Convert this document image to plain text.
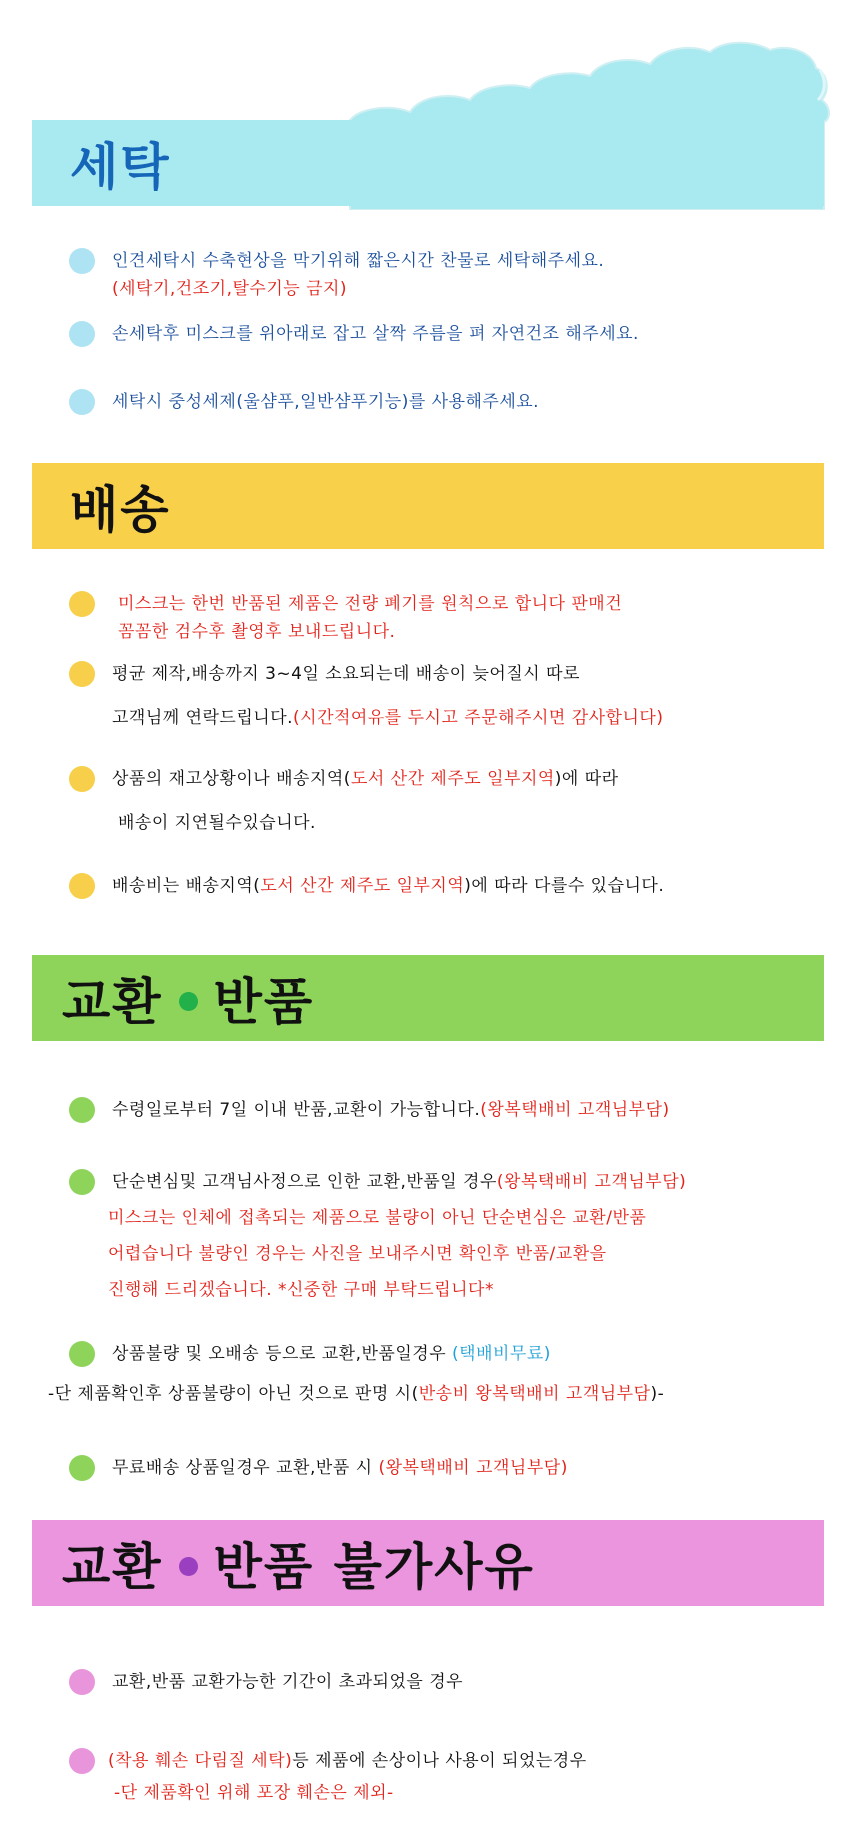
세탁
인견세탁시 수축현상을 막기위해 짧은시간 찬물로 세탁해주세요.
(세탁기,건조기,탈수기능 금지)
손세탁후 미스크를 위아래로 잡고 살짝 주름을 펴 자연건조 해주세요.
세탁시 중성세제(울샴푸,일반샴푸기능)를 사용해주세요.
배송
미스크는 한번 반품된 제품은 전량 폐기를 원칙으로 합니다 판매건
꼼꼼한 검수후 촬영후 보내드립니다.
평균 제작,배송까지 3~4일 소요되는데 배송이 늦어질시 따로
고객님께 연락드립니다.(시간적여유를 두시고 주문해주시면 감사합니다)
상품의 재고상황이나 배송지역(도서 산간 제주도 일부지역)에 따라
배송이 지연될수있습니다.
배송비는 배송지역(도서 산간 제주도 일부지역)에 따라 다를수 있습니다.
교환 반품
수령일로부터 7일 이내 반품,교환이 가능합니다.(왕복택배비 고객님부담)
단순변심및 고객님사정으로 인한 교환,반품일 경우(왕복택배비 고객님부담)
미스크는 인체에 접촉되는 제품으로 불량이 아닌 단순변심은 교환/반품
어렵습니다 불량인 경우는 사진을 보내주시면 확인후 반품/교환을
진행해 드리겠습니다. *신중한 구매 부탁드립니다*
상품불량 및 오배송 등으로 교환,반품일경우 (택배비무료)
-단 제품확인후 상품불량이 아닌 것으로 판명 시(반송비 왕복택배비 고객님부담)-
무료배송 상품일경우 교환,반품 시 (왕복택배비 고객님부담)
교환 반품 불가사유
교환,반품 교환가능한 기간이 초과되었을 경우
(착용 훼손 다림질 세탁)등 제품에 손상이나 사용이 되었는경우
-단 제품확인 위해 포장 훼손은 제외-
